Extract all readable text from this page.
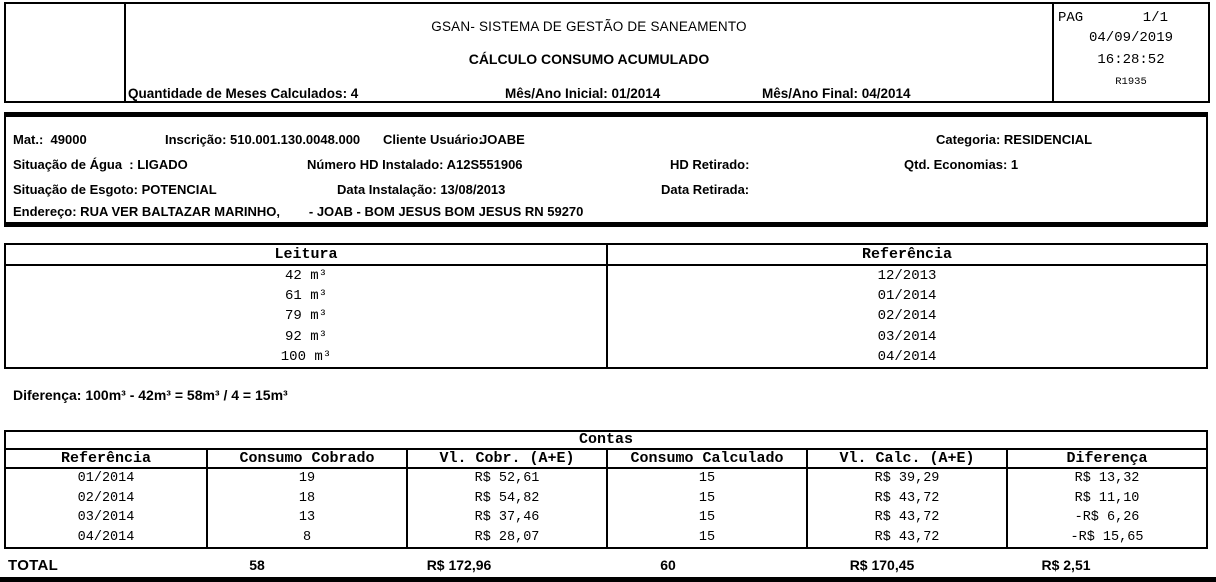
GSAN- SISTEMA DE GESTÃO DE SANEAMENTO
CÁLCULO CONSUMO ACUMULADO
Quantidade de Meses Calculados: 4	Mês/Ano Inicial: 01/2014	Mês/Ano Final: 04/2014
PAG	1/1
04/09/2019
16:28:52
R1935
Mat.:  49000	Inscrição: 510.001.130.0048.000 Cliente Usuário:
JOABE	Categoria: RESIDENCIAL
Situação de Água  : LIGADO	Número HD Instalado: A12S551906	HD Retirado:	Qtd. Economias: 1
Situação de Esgoto: POTENCIAL	Data Instalação: 13/08/2013	Data Retirada:
Endereço: RUA VER BALTAZAR MARINHO,        - JOAB - BOM JESUS BOM JESUS RN 59270
Leitura	Referência
42 m³	12/2013
61 m³	01/2014
79 m³	02/2014
92 m³	03/2014
100 m³	04/2014
Diferença: 100m³ - 42m³ = 58m³ / 4 = 15m³
Contas
Referência	Consumo Cobrado	Vl. Cobr. (A+E)	Consumo Calculado	Vl. Calc. (A+E)	Diferença
01/2014	19	R$ 52,61	15	R$ 39,29	R$ 13,32
02/2014	18	R$ 54,82	15	R$ 43,72	R$ 11,10
03/2014	13	R$ 37,46	15	R$ 43,72	-R$ 6,26
04/2014	8	R$ 28,07	15	R$ 43,72	-R$ 15,65
TOTAL	58	R$ 172,96	60	R$ 170,45	R$ 2,51
